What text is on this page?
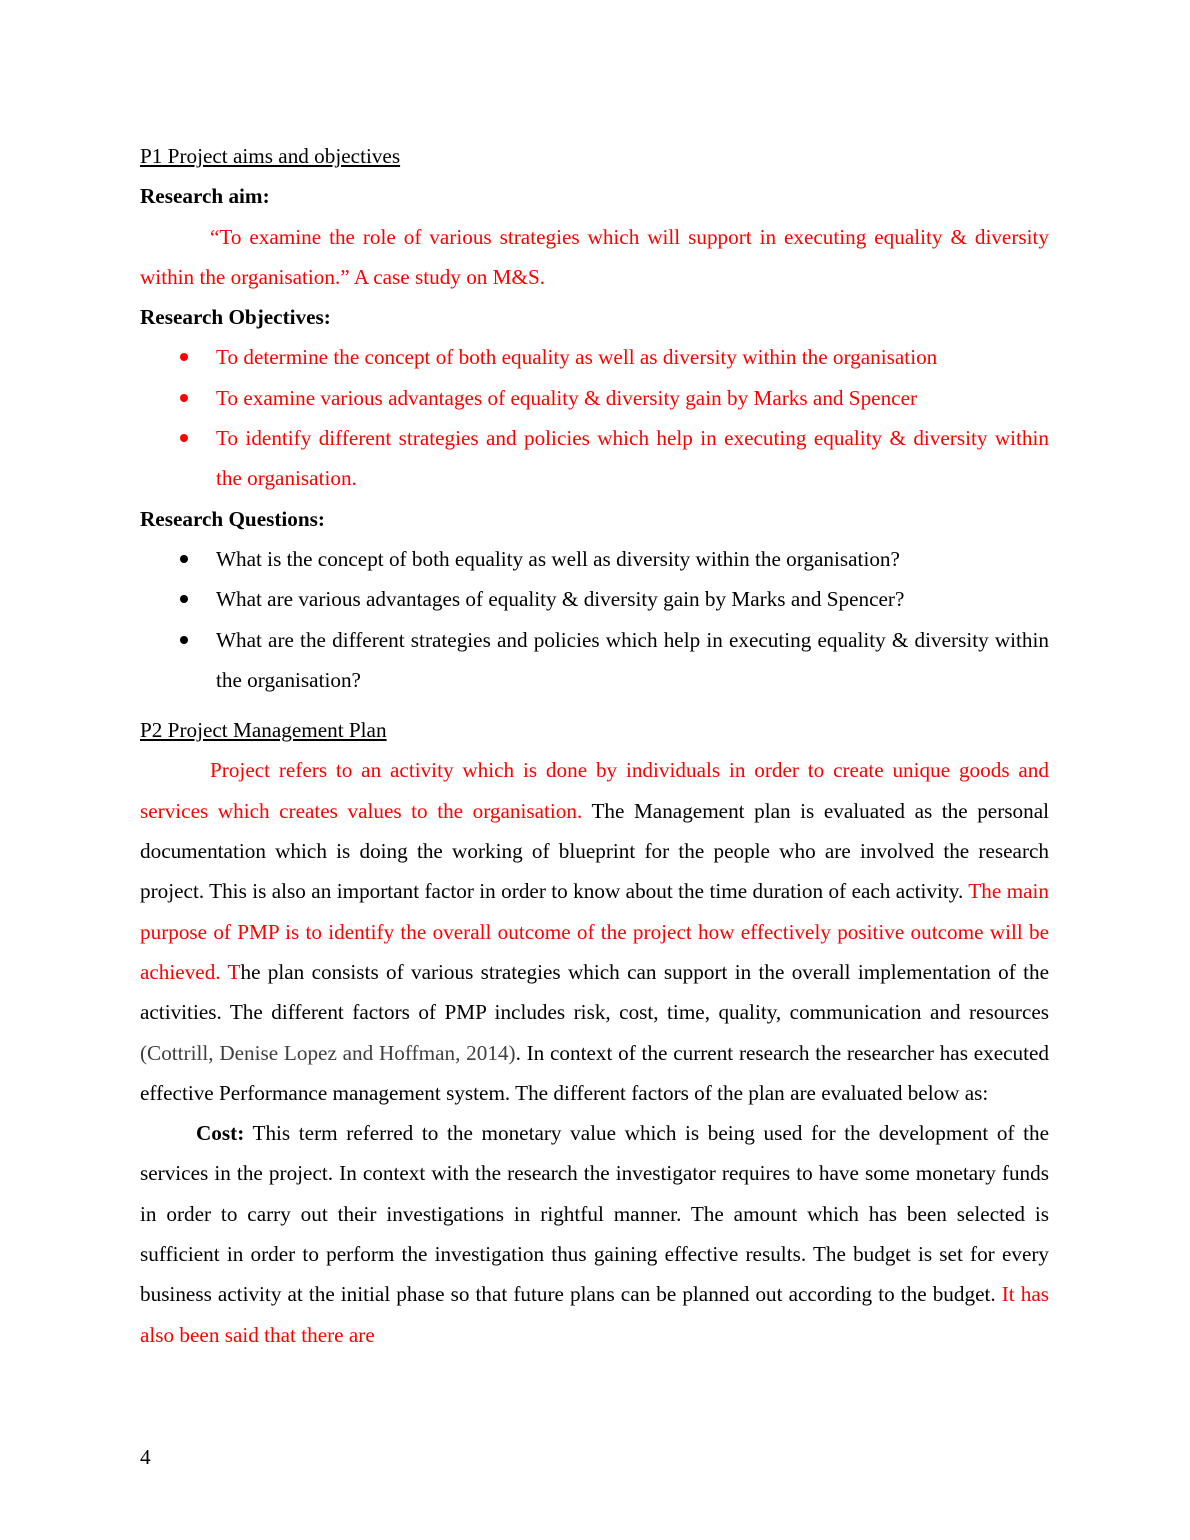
P1 Project aims and objectives

Research aim:

“To examine the role of various strategies which will support in executing equality & diversity within the organisation.” A case study on M&S.

Research Objectives:

To determine the concept of both equality as well as diversity within the organisation
To examine various advantages of equality & diversity gain by Marks and Spencer
To identify different strategies and policies which help in executing equality & diversity within the organisation.

Research Questions:

What is the concept of both equality as well as diversity within the organisation?
What are various advantages of equality & diversity gain by Marks and Spencer?
What are the different strategies and policies which help in executing equality & diversity within the organisation?

P2 Project Management Plan

Project refers to an activity which is done by individuals in order to create unique goods and services which creates values to the organisation. The Management plan is evaluated as the personal documentation which is doing the working of blueprint for the people who are involved the research project. This is also an important factor in order to know about the time duration of each activity. The main purpose of PMP is to identify the overall outcome of the project how effectively positive outcome will be achieved. The plan consists of various strategies which can support in the overall implementation of the activities. The different factors of PMP includes risk, cost, time, quality, communication and resources (Cottrill, Denise Lopez and Hoffman, 2014). In context of the current research the researcher has executed effective Performance management system. The different factors of the plan are evaluated below as:

Cost: This term referred to the monetary value which is being used for the development of the services in the project. In context with the research the investigator requires to have some monetary funds in order to carry out their investigations in rightful manner. The amount which has been selected is sufficient in order to perform the investigation thus gaining effective results. The budget is set for every business activity at the initial phase so that future plans can be planned out according to the budget. It has also been said that there are

4
